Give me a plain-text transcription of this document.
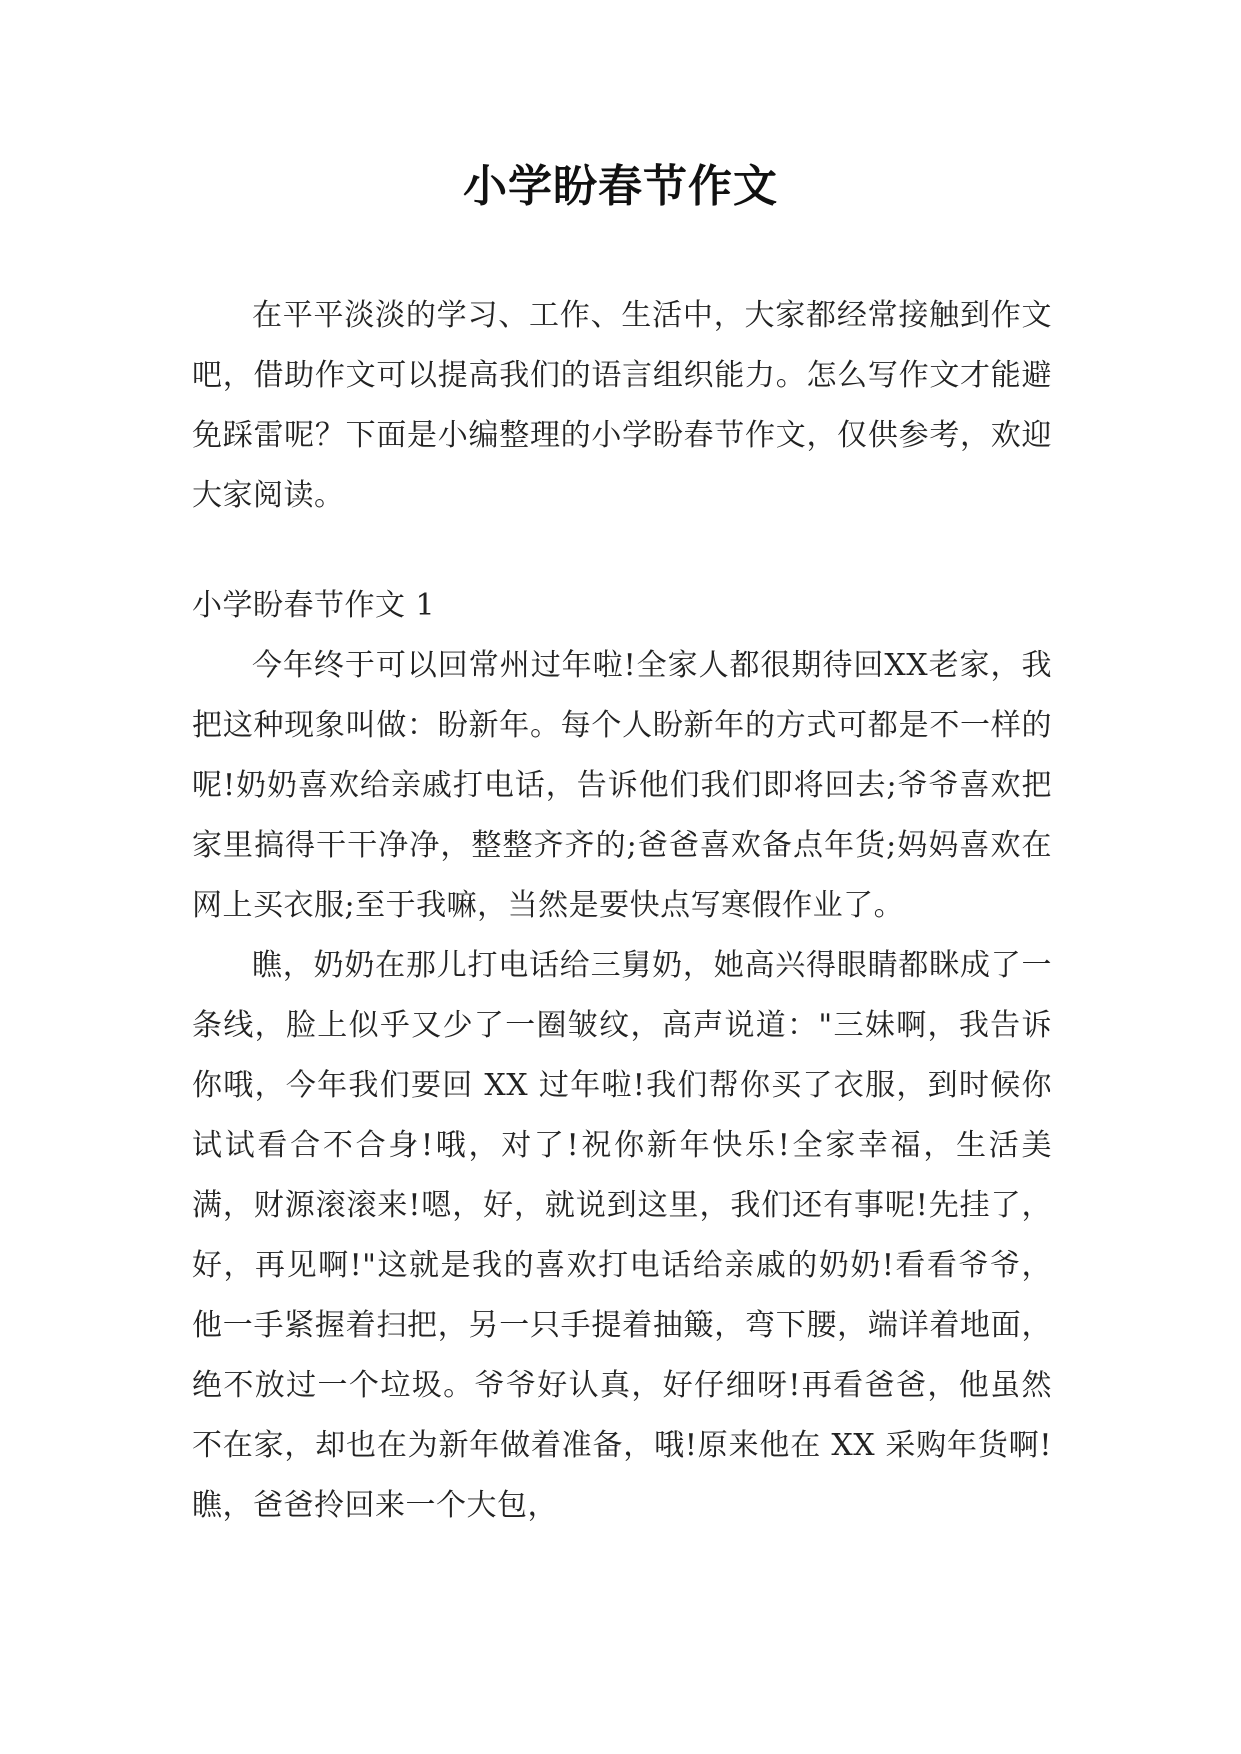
小学盼春节作文

在平平淡淡的学习、工作、生活中，大家都经常接触到作文吧，借助作文可以提高我们的语言组织能力。怎么写作文才能避免踩雷呢？下面是小编整理的小学盼春节作文，仅供参考，欢迎大家阅读。

小学盼春节作文 1

今年终于可以回常州过年啦!全家人都很期待回XX老家，我把这种现象叫做：盼新年。每个人盼新年的方式可都是不一样的呢!奶奶喜欢给亲戚打电话，告诉他们我们即将回去;爷爷喜欢把家里搞得干干净净，整整齐齐的;爸爸喜欢备点年货;妈妈喜欢在网上买衣服;至于我嘛，当然是要快点写寒假作业了。

瞧，奶奶在那儿打电话给三舅奶，她高兴得眼睛都眯成了一条线，脸上似乎又少了一圈皱纹，高声说道："三妹啊，我告诉你哦，今年我们要回 XX 过年啦!我们帮你买了衣服，到时候你试试看合不合身!哦，对了!祝你新年快乐!全家幸福，生活美满，财源滚滚来!嗯，好，就说到这里，我们还有事呢!先挂了，好，再见啊!"这就是我的喜欢打电话给亲戚的奶奶!看看爷爷，他一手紧握着扫把，另一只手提着抽簸，弯下腰，端详着地面，绝不放过一个垃圾。爷爷好认真，好仔细呀!再看爸爸，他虽然不在家，却也在为新年做着准备，哦!原来他在 XX 采购年货啊!瞧，爸爸拎回来一个大包，
